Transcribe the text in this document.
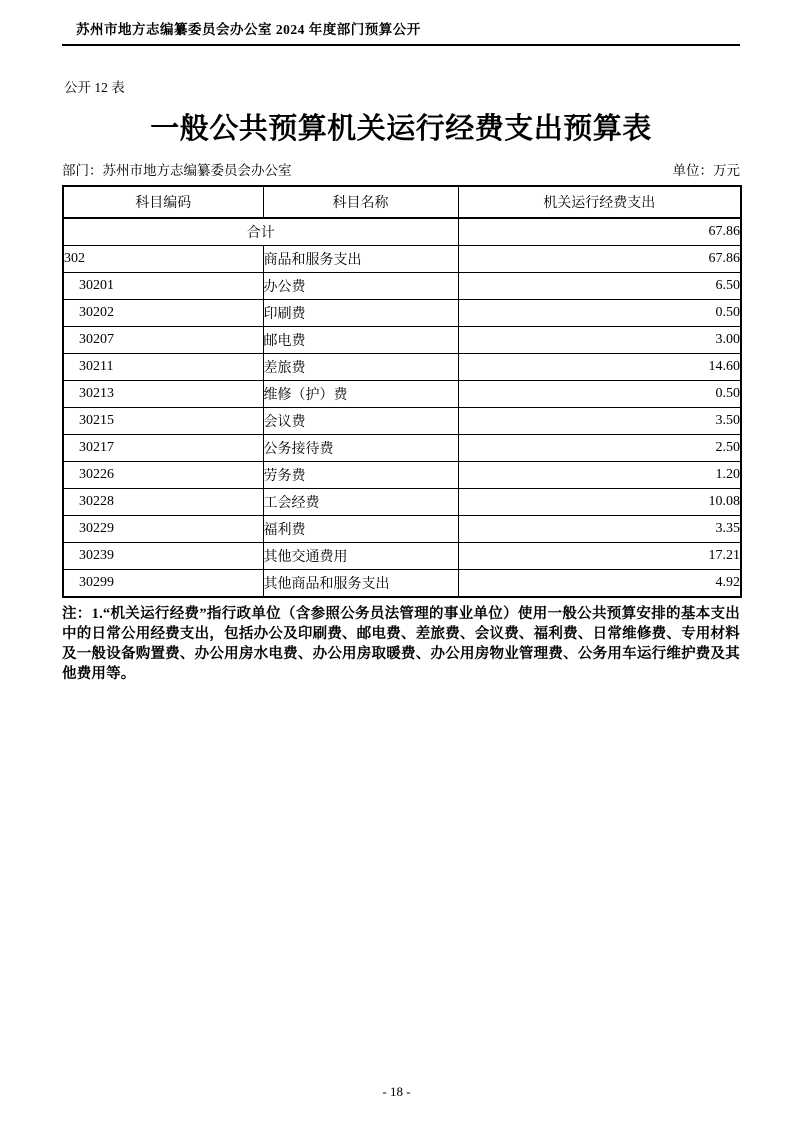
苏州市地方志编纂委员会办公室 2024 年度部门预算公开
公开 12 表
一般公共预算机关运行经费支出预算表
部门：苏州市地方志编纂委员会办公室	单位：万元
科目编码	科目名称	机关运行经费支出
合计		67.86
302	商品和服务支出	67.86
30201	办公费	6.50
30202	印刷费	0.50
30207	邮电费	3.00
30211	差旅费	14.60
30213	维修（护）费	0.50
30215	会议费	3.50
30217	公务接待费	2.50
30226	劳务费	1.20
30228	工会经费	10.08
30229	福利费	3.35
30239	其他交通费用	17.21
30299	其他商品和服务支出	4.92

注：1.“机关运行经费”指行政单位（含参照公务员法管理的事业单位）使用一般公共预算安排的基本支出中的日常公用经费支出，包括办公及印刷费、邮电费、差旅费、会议费、福利费、日常维修费、专用材料及一般设备购置费、办公用房水电费、办公用房取暖费、办公用房物业管理费、公务用车运行维护费及其他费用等。

- 18 -
